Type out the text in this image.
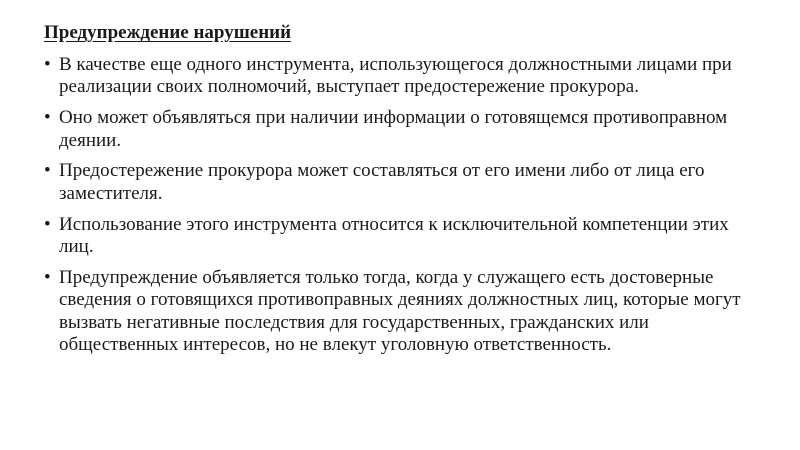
Предупреждение нарушений
• В качестве еще одного инструмента, использующегося должностными лицами при реализации своих полномочий, выступает предостережение прокурора.
• Оно может объявляться при наличии информации о готовящемся противоправном деянии.
• Предостережение прокурора может составляться от его имени либо от лица его заместителя.
• Использование этого инструмента относится к исключительной компетенции этих лиц.
• Предупреждение объявляется только тогда, когда у служащего есть достоверные сведения о готовящихся противоправных деяниях должностных лиц, которые могут вызвать негативные последствия для государственных, гражданских или общественных интересов, но не влекут уголовную ответственность.
